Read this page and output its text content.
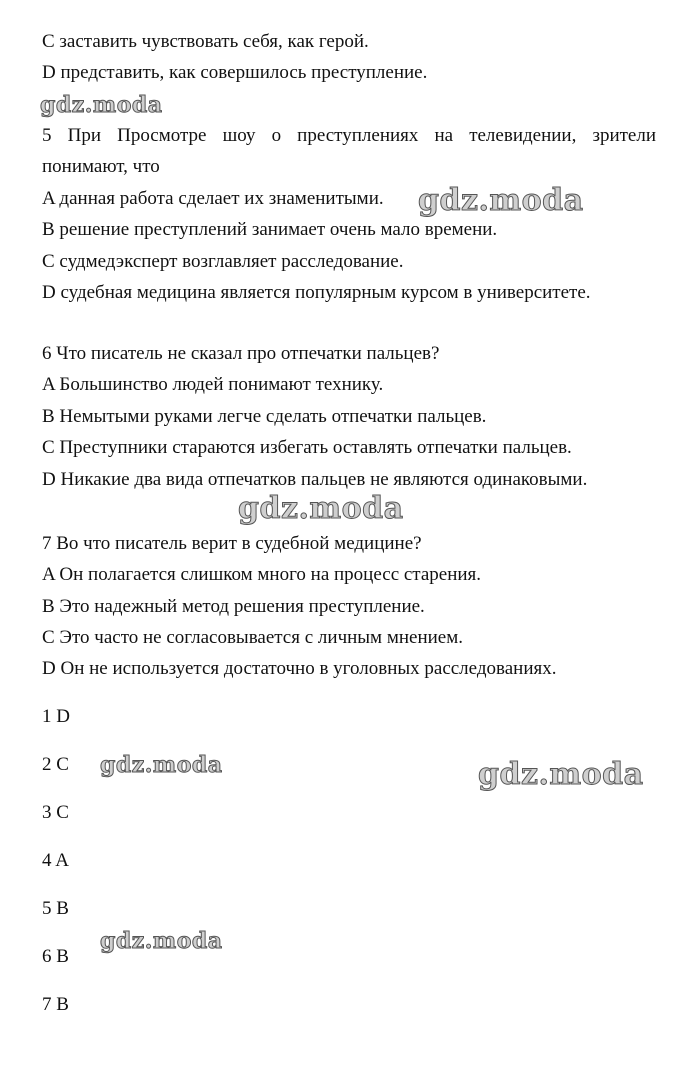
C заставить чувствовать себя, как герой.
D представить, как совершилось преступление.
5 При Просмотре шоу о преступлениях на телевидении, зрители
понимают, что
A данная работа сделает их знаменитыми.
B решение преступлений занимает очень мало времени.
C судмедэксперт возглавляет расследование.
D судебная медицина является популярным курсом в университете.
6 Что писатель не сказал про отпечатки пальцев?
A Большинство людей понимают технику.
B Немытыми руками легче сделать отпечатки пальцев.
C Преступники стараются избегать оставлять отпечатки пальцев.
D Никакие два вида отпечатков пальцев не являются одинаковыми.
7 Во что писатель верит в судебной медицине?
A Он полагается слишком много на процесс старения.
B Это надежный метод решения преступление.
C Это часто не согласовывается с личным мнением.
D Он не используется достаточно в уголовных расследованиях.
1 D
2 C
3 C
4 A
5 B
6 B
7 B
gdz.moda
gdz.moda
gdz.moda
gdz.moda	gdz.moda
gdz.moda
